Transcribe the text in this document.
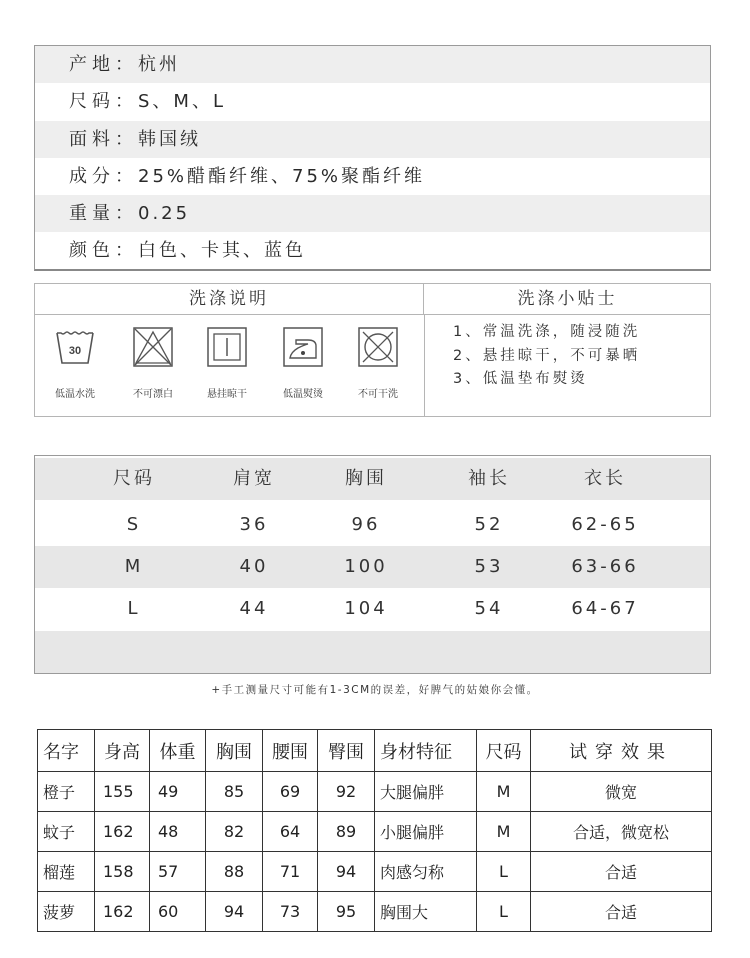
产地：杭州
尺码：S、M、L
面料：韩国绒
成分：25%醋酯纤维、75%聚酯纤维
重量：0.25
颜色：白色、卡其、蓝色
洗涤说明	洗涤小贴士
30
低温水洗	不可漂白	悬挂晾干	低温熨烫	不可干洗
1、常温洗涤，随浸随洗
2、悬挂晾干，不可暴晒
3、低温垫布熨烫
尺码	肩宽	胸围	袖长	衣长
S	36	96	52	62-65
M	40	100	53	63-66
L	44	104	54	64-67
+手工测量尺寸可能有1-3CM的误差，好脾气的姑娘你会懂。
名字	身高	体重	胸围	腰围	臀围	身材特征	尺码	试穿效果
橙子	155	49	85	69	92	大腿偏胖	M	微宽
蚊子	162	48	82	64	89	小腿偏胖	M	合适，微宽松
榴莲	158	57	88	71	94	肉感匀称	L	合适
菠萝	162	60	94	73	95	胸围大	L	合适
